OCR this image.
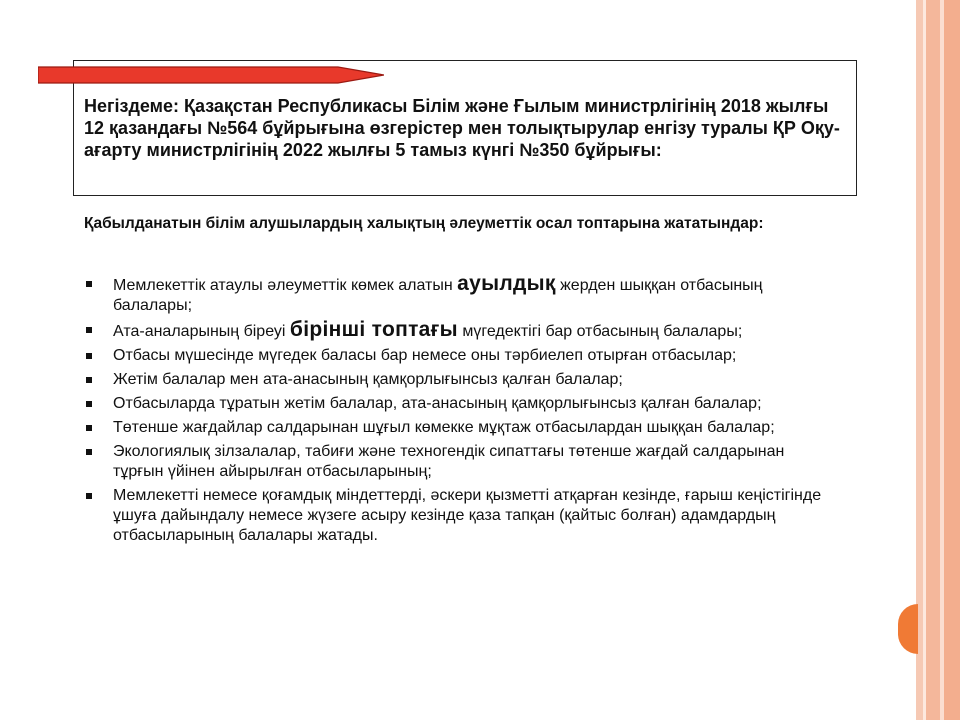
Негіздеме: Қазақстан Республикасы Білім және Ғылым министрлігінің 2018 жылғы 12 қазандағы №564 бұйрығына өзгерістер мен толықтырулар енгізу туралы ҚР Оқу-ағарту министрлігінің 2022 жылғы 5 тамыз күнгі №350 бұйрығы:
Қабылданатын білім алушылардың халықтың әлеуметтік осал топтарына жататындар:
Мемлекеттік атаулы әлеуметтік көмек алатын ауылдық жерден шыққан отбасының балалары;
Ата-аналарының біреуі бірінші топтағы мүгедектігі бар отбасының балалары;
Отбасы мүшесінде мүгедек баласы бар немесе оны тәрбиелеп отырған отбасылар;
Жетім балалар мен ата-анасының қамқорлығынсыз қалған балалар;
Отбасыларда тұратын жетім балалар, ата-анасының қамқорлығынсыз қалған балалар;
Төтенше жағдайлар салдарынан шұғыл көмекке мұқтаж отбасылардан шыққан балалар;
Экологиялық зілзалалар, табиғи және техногендік сипаттағы төтенше жағдай салдарынан тұрғын үйінен айырылған отбасыларының;
Мемлекетті немесе қоғамдық міндеттерді, әскери қызметті атқарған кезінде, ғарыш кеңістігінде ұшуға дайындалу немесе жүзеге асыру кезінде қаза тапқан (қайтыс болған) адамдардың отбасыларының балалары жатады.
